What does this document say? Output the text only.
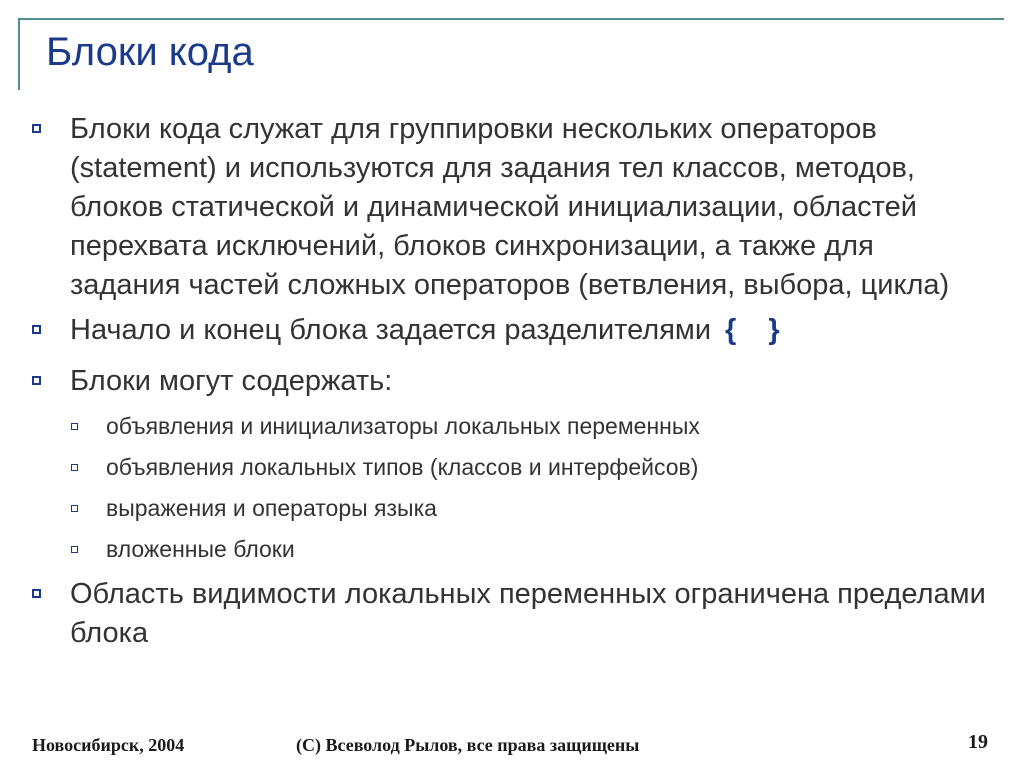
Блоки кода
Блоки кода служат для группировки нескольких операторов (statement) и используются для задания тел классов, методов, блоков статической и динамической инициализации, областей перехвата исключений, блоков синхронизации, а также для задания частей сложных операторов (ветвления, выбора, цикла)
Начало и конец блока задается разделителями { }
Блоки могут содержать:
объявления и инициализаторы локальных переменных
объявления локальных типов (классов и интерфейсов)
выражения и операторы языка
вложенные блоки
Область видимости локальных переменных ограничена пределами блока
Новосибирск, 2004	(C) Всеволод Рылов, все права защищены	19
